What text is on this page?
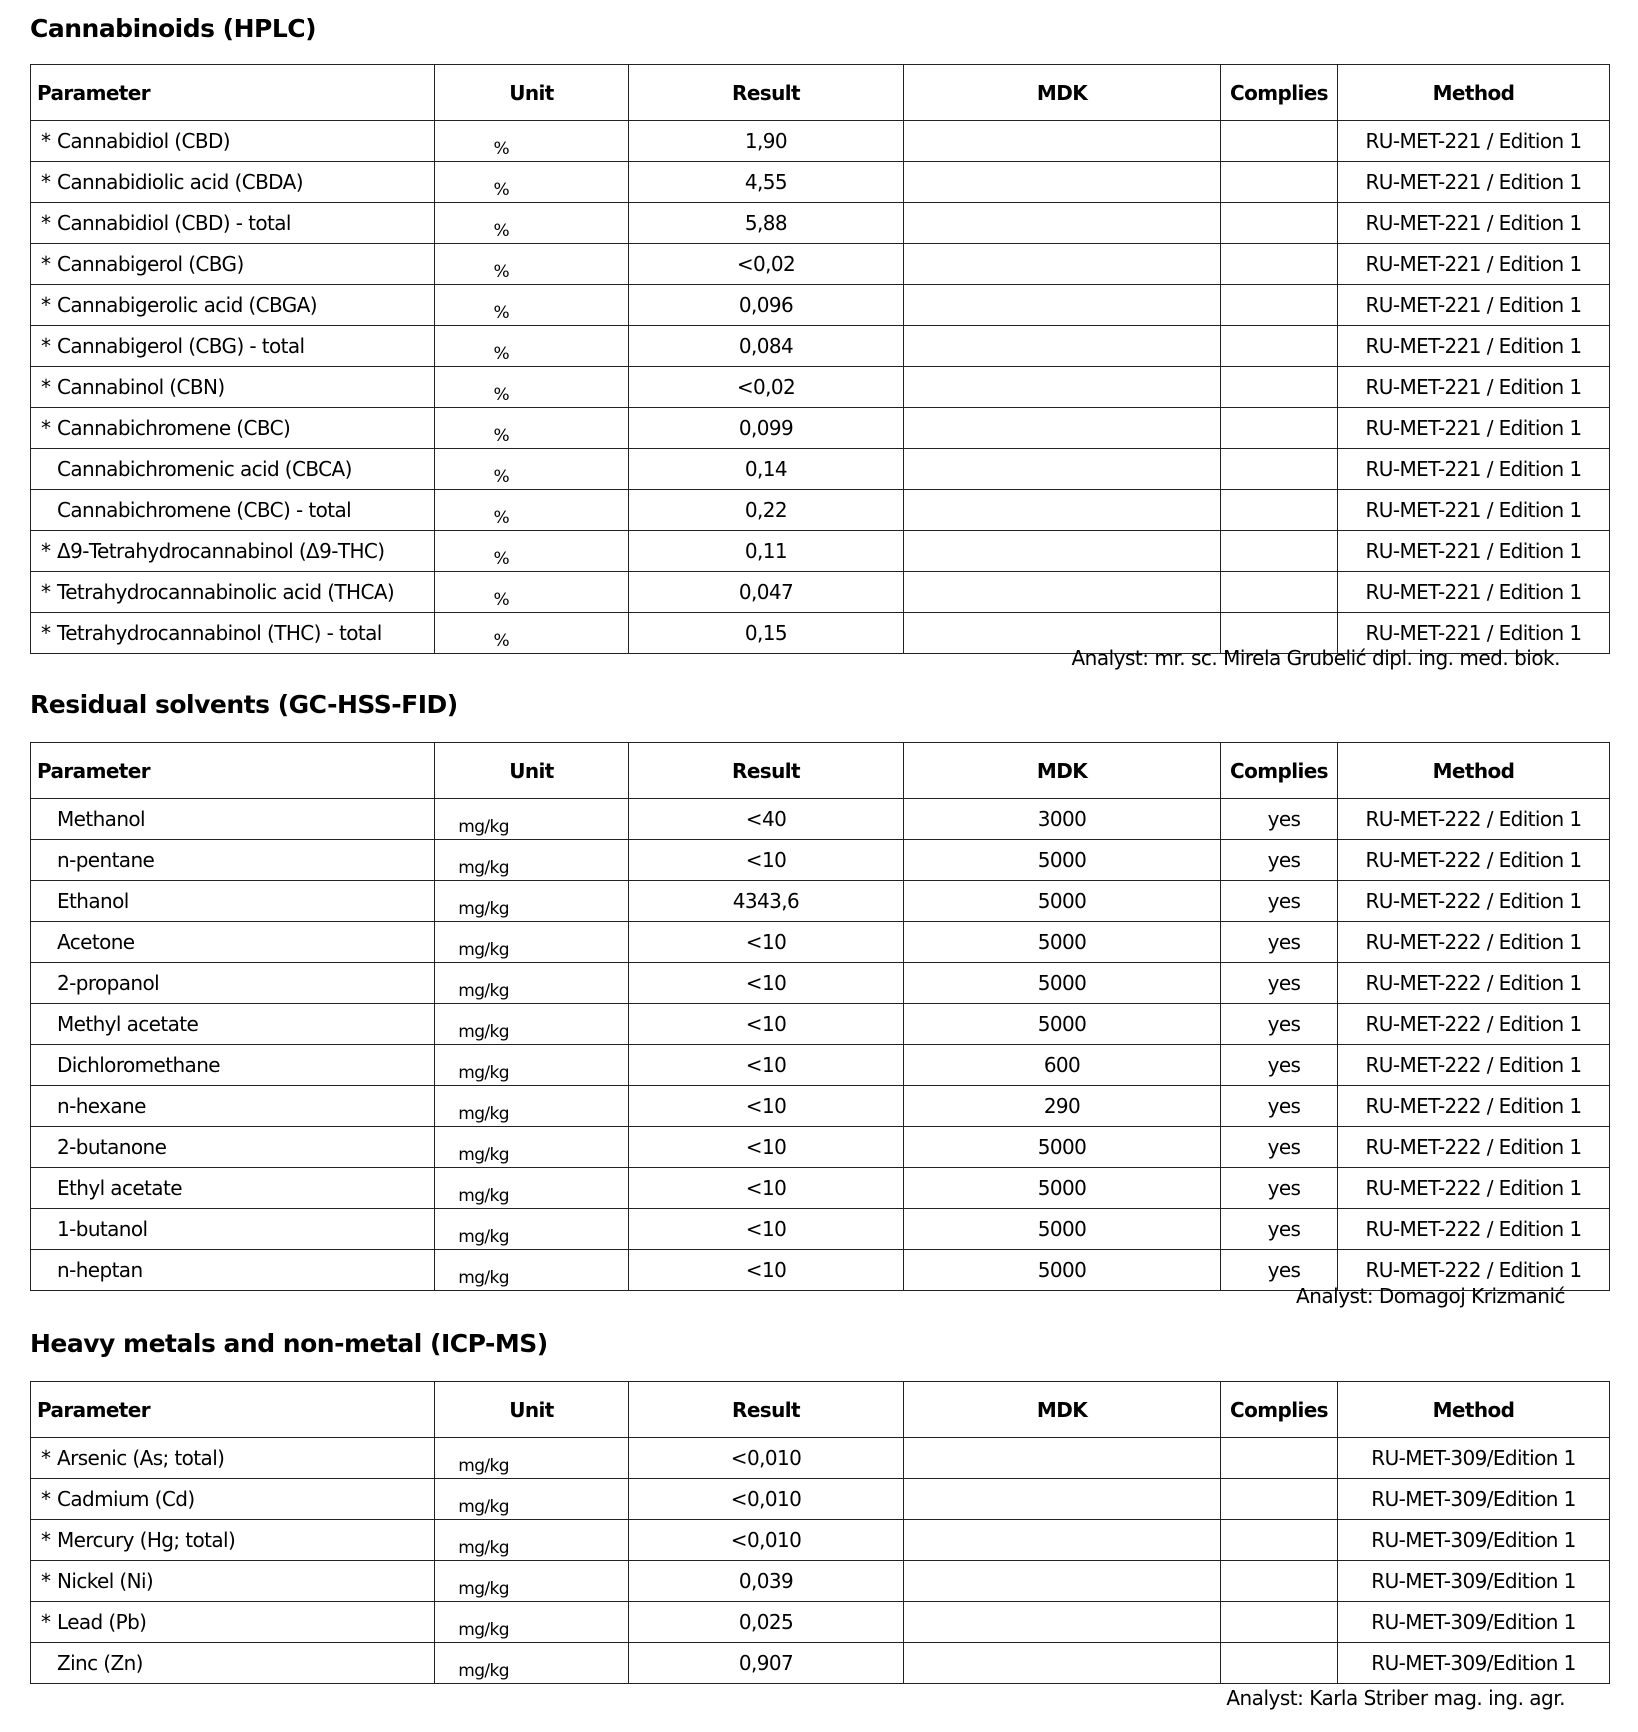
Cannabinoids (HPLC)
Parameter	Unit	Result	MDK	Complies	Method
* Cannabidiol (CBD)	%	1,90			RU-MET-221 / Edition 1
* Cannabidiolic acid (CBDA)	%	4,55			RU-MET-221 / Edition 1
* Cannabidiol (CBD) - total	%	5,88			RU-MET-221 / Edition 1
* Cannabigerol (CBG)	%	<0,02			RU-MET-221 / Edition 1
* Cannabigerolic acid (CBGA)	%	0,096			RU-MET-221 / Edition 1
* Cannabigerol (CBG) - total	%	0,084			RU-MET-221 / Edition 1
* Cannabinol (CBN)	%	<0,02			RU-MET-221 / Edition 1
* Cannabichromene (CBC)	%	0,099			RU-MET-221 / Edition 1
Cannabichromenic acid (CBCA)	%	0,14			RU-MET-221 / Edition 1
Cannabichromene (CBC) - total	%	0,22			RU-MET-221 / Edition 1
* Δ9-Tetrahydrocannabinol (Δ9-THC)	%	0,11			RU-MET-221 / Edition 1
* Tetrahydrocannabinolic acid (THCA)	%	0,047			RU-MET-221 / Edition 1
* Tetrahydrocannabinol (THC) - total	%	0,15			RU-MET-221 / Edition 1
Analyst: mr. sc. Mirela Grubelić dipl. ing. med. biok.
Residual solvents (GC-HSS-FID)
Parameter	Unit	Result	MDK	Complies	Method
Methanol	mg/kg	<40	3000	yes	RU-MET-222 / Edition 1
n-pentane	mg/kg	<10	5000	yes	RU-MET-222 / Edition 1
Ethanol	mg/kg	4343,6	5000	yes	RU-MET-222 / Edition 1
Acetone	mg/kg	<10	5000	yes	RU-MET-222 / Edition 1
2-propanol	mg/kg	<10	5000	yes	RU-MET-222 / Edition 1
Methyl acetate	mg/kg	<10	5000	yes	RU-MET-222 / Edition 1
Dichloromethane	mg/kg	<10	600	yes	RU-MET-222 / Edition 1
n-hexane	mg/kg	<10	290	yes	RU-MET-222 / Edition 1
2-butanone	mg/kg	<10	5000	yes	RU-MET-222 / Edition 1
Ethyl acetate	mg/kg	<10	5000	yes	RU-MET-222 / Edition 1
1-butanol	mg/kg	<10	5000	yes	RU-MET-222 / Edition 1
n-heptan	mg/kg	<10	5000	yes	RU-MET-222 / Edition 1
Analyst: Domagoj Krizmanić
Heavy metals and non-metal (ICP-MS)
Parameter	Unit	Result	MDK	Complies	Method
* Arsenic (As; total)	mg/kg	<0,010			RU-MET-309/Edition 1
* Cadmium (Cd)	mg/kg	<0,010			RU-MET-309/Edition 1
* Mercury (Hg; total)	mg/kg	<0,010			RU-MET-309/Edition 1
* Nickel (Ni)	mg/kg	0,039			RU-MET-309/Edition 1
* Lead (Pb)	mg/kg	0,025			RU-MET-309/Edition 1
Zinc (Zn)	mg/kg	0,907			RU-MET-309/Edition 1
Analyst: Karla Striber mag. ing. agr.
